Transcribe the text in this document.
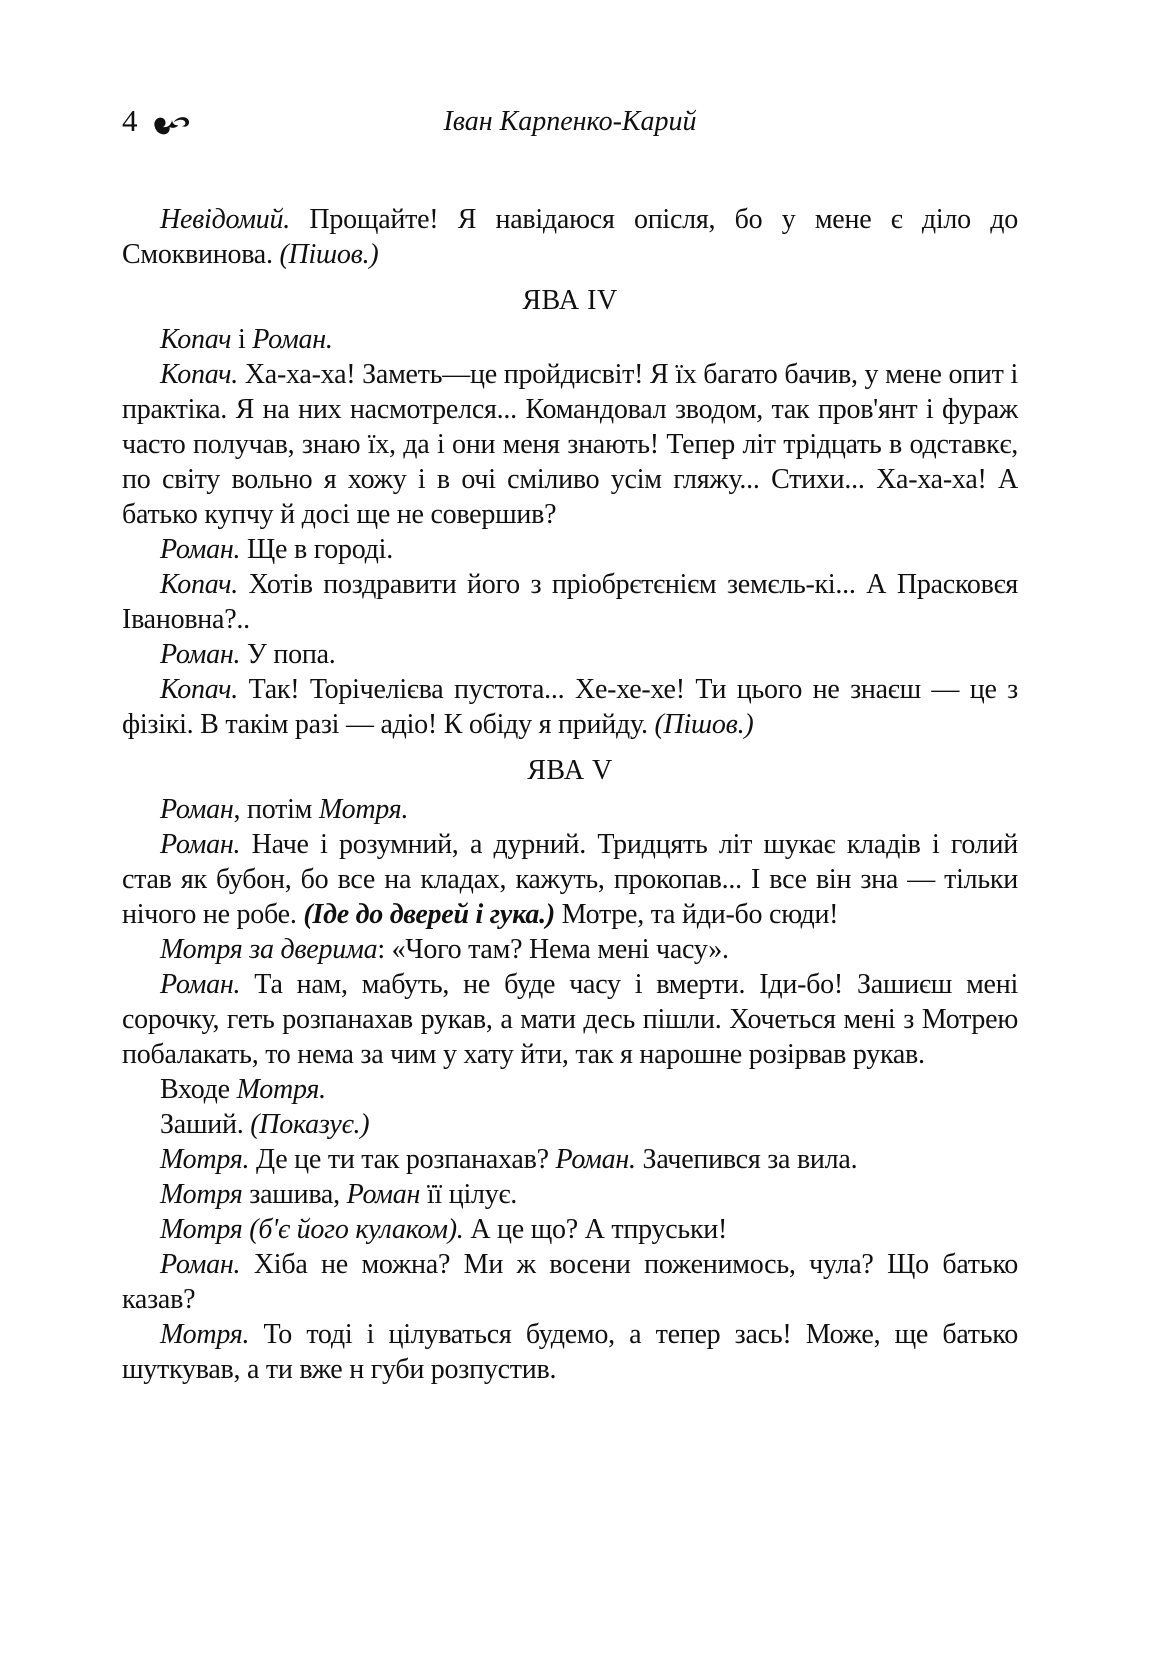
4	Іван Карпенко-Карий

Невідомий. Прощайте! Я навідаюся опісля, бо у мене є діло до Смоквинова. (Пішов.)

ЯВА IV

Копач і Роман.

Копач. Ха-ха-ха! Заметь—це пройдисвіт! Я їх багато бачив, у мене опит і практіка. Я на них насмотрелся... Командовал зводом, так пров'янт і фураж часто получав, знаю їх, да і они меня знають! Тепер літ трідцать в одставкє, по світу вольно я хожу і в очі сміливо усім гляжу... Стихи... Ха-ха-ха! А батько купчу й досі ще не совершив?

Роман. Ще в городі.

Копач. Хотів поздравити його з пріобрєтєнієм земєль-кі... А Прасковєя Івановна?..

Роман. У попа.

Копач. Так! Торічелієва пустота... Хе-хе-хе! Ти цього не знаєш — це з фізікі. В такім разі — адіо! К обіду я прийду. (Пішов.)

ЯВА V

Роман, потім Мотря.

Роман. Наче і розумний, а дурний. Тридцять літ шукає кладів і голий став як бубон, бо все на кладах, кажуть, прокопав... І все він зна — тільки нічого не робе. (Іде до дверей і гука.) Мотре, та йди-бо сюди!

Мотря за дверима: «Чого там? Нема мені часу».

Роман. Та нам, мабуть, не буде часу і вмерти. Іди-бо! Зашиєш мені сорочку, геть розпанахав рукав, а мати десь пішли. Хочеться мені з Мотрею побалакать, то нема за чим у хату йти, так я нарошне розірвав рукав.

Входе Мотря.

Заший. (Показує.)

Мотря. Де це ти так розпанахав? Роман. Зачепився за вила.

Мотря зашива, Роман її цілує.

Мотря (б'є його кулаком). А це що? А тпруськи!

Роман. Хіба не можна? Ми ж восени поженимось, чула? Що батько казав?

Мотря. То тоді і цілуваться будемо, а тепер зась! Може, ще батько шуткував, а ти вже н губи розпустив.
